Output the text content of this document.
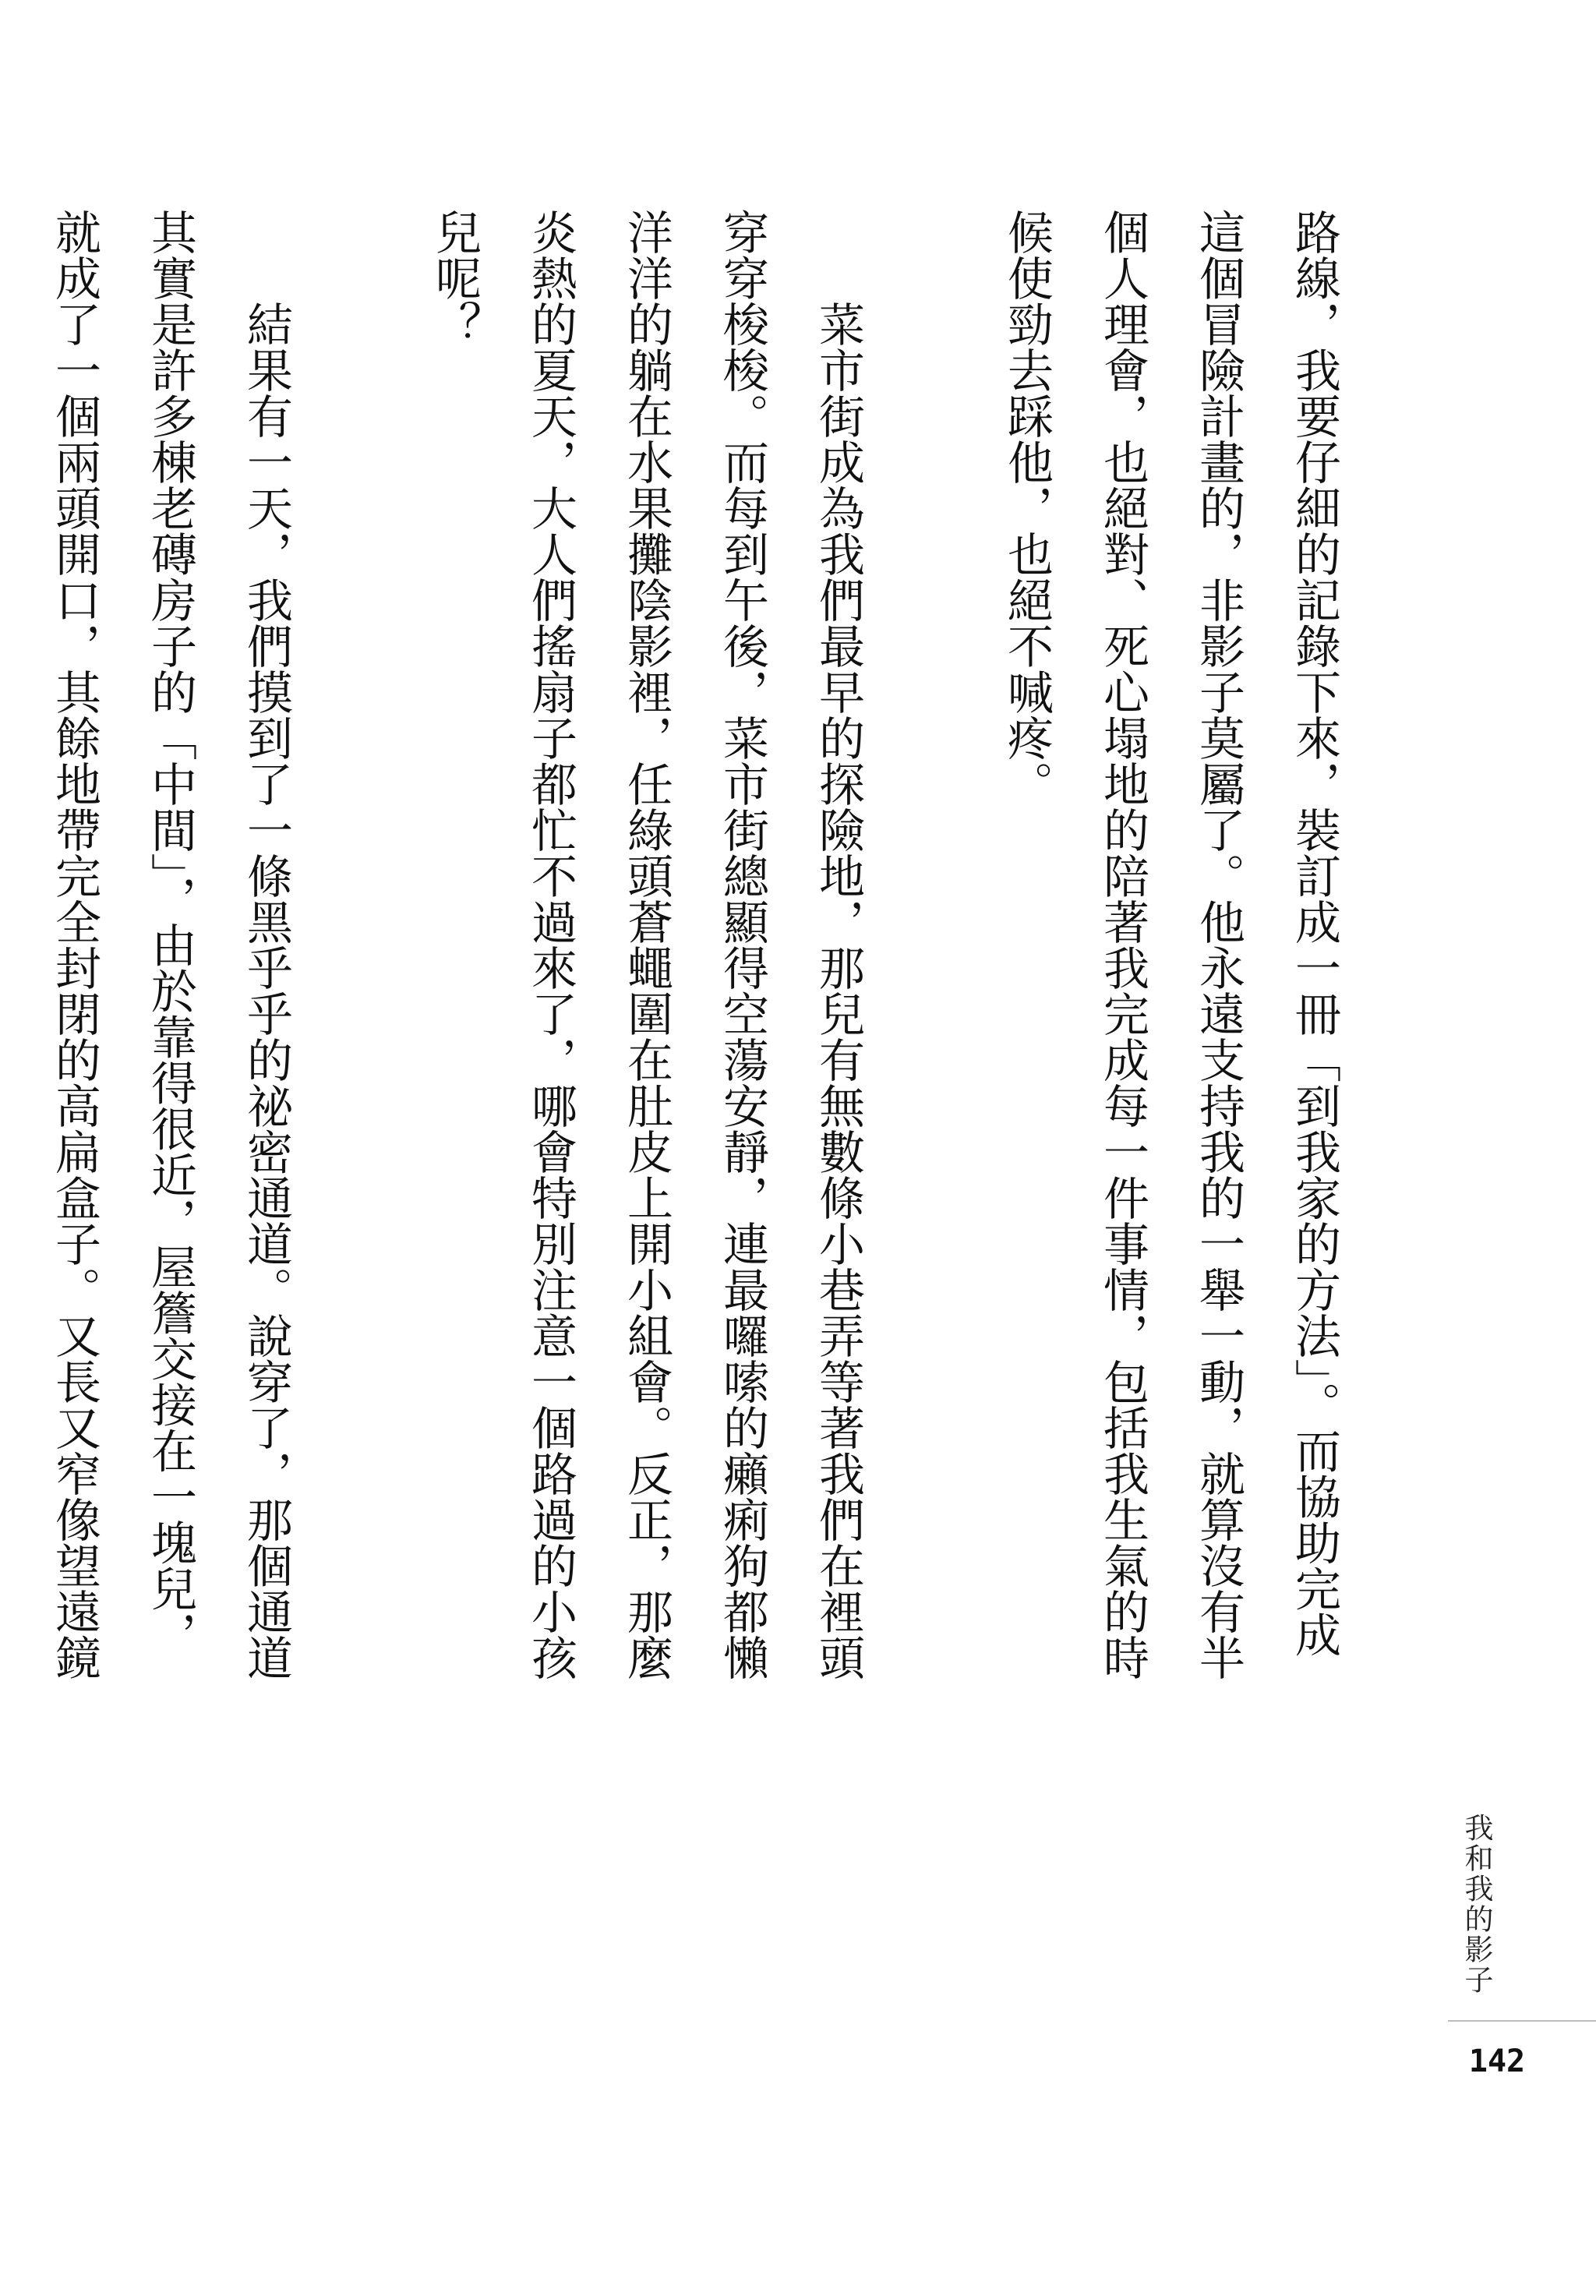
路線，我要仔細的記錄下來，裝訂成一冊「到我家的方法」。而協助完成

這個冒險計畫的，非影子莫屬了。他永遠支持我的一舉一動，就算沒有半

個人理會，也絕對、死心塌地的陪著我完成每一件事情，包括我生氣的時

候使勁去踩他，也絕不喊疼。

菜市街成為我們最早的探險地，那兒有無數條小巷弄等著我們在裡頭

穿穿梭梭。而每到午後，菜市街總顯得空蕩安靜，連最囉嗦的癩痢狗都懶

洋洋的躺在水果攤陰影裡，任綠頭蒼蠅圍在肚皮上開小組會。反正，那麼

炎熱的夏天，大人們搖扇子都忙不過來了，哪會特別注意一個路過的小孩

兒呢？

結果有一天，我們摸到了一條黑乎乎的祕密通道。說穿了，那個通道

其實是許多棟老磚房子的「中間」，由於靠得很近，屋簷交接在一塊兒，

就成了一個兩頭開口，其餘地帶完全封閉的高扁盒子。又長又窄像望遠鏡

我和我的影子
142
